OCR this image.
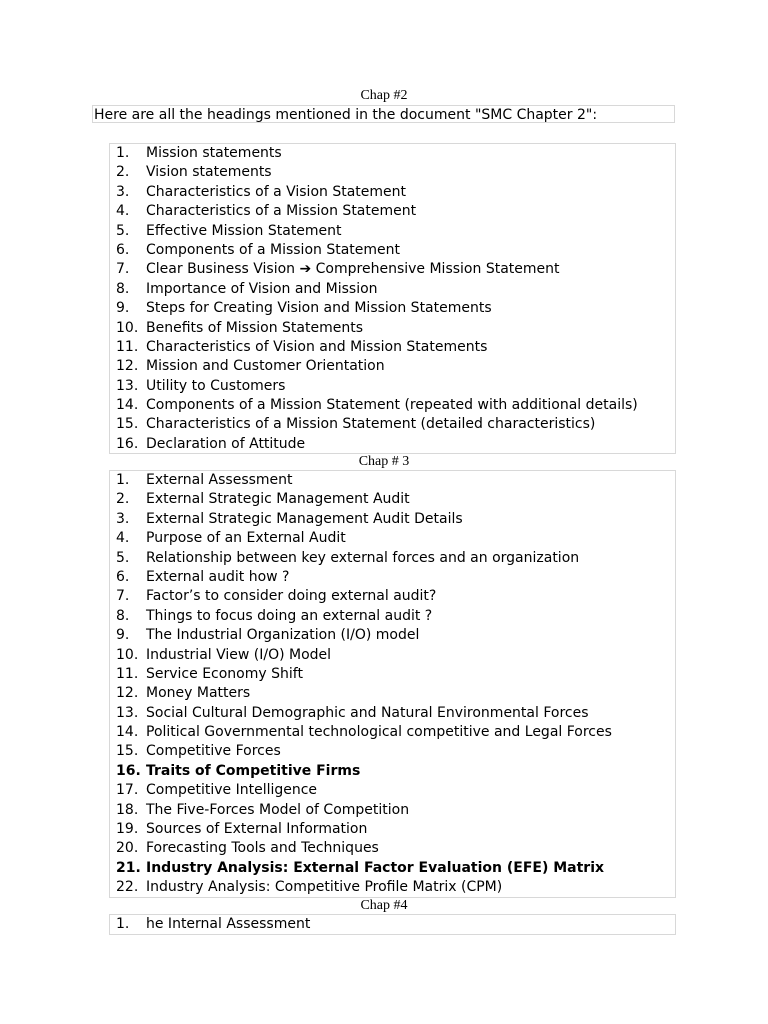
Chap #2
Here are all the headings mentioned in the document "SMC Chapter 2":
1.	Mission statements
2.	Vision statements
3.	Characteristics of a Vision Statement
4.	Characteristics of a Mission Statement
5.	Effective Mission Statement
6.	Components of a Mission Statement
7.	Clear Business Vision ➔ Comprehensive Mission Statement
8.	Importance of Vision and Mission
9.	Steps for Creating Vision and Mission Statements
10. Benefits of Mission Statements
11. Characteristics of Vision and Mission Statements
12. Mission and Customer Orientation
13. Utility to Customers
14. Components of a Mission Statement (repeated with additional details)
15. Characteristics of a Mission Statement (detailed characteristics)
16. Declaration of Attitude
Chap # 3
1.	External Assessment
2.	External Strategic Management Audit
3.	External Strategic Management Audit Details
4.	Purpose of an External Audit
5.	Relationship between key external forces and an organization
6.	External audit how ?
7.	Factor’s to consider doing external audit?
8.	Things to focus doing an external audit ?
9.	The Industrial Organization (I/O) model
10. Industrial View (I/O) Model
11. Service Economy Shift
12. Money Matters
13. Social Cultural Demographic and Natural Environmental Forces
14. Political Governmental technological competitive and Legal Forces
15. Competitive Forces
16. Traits of Competitive Firms
17. Competitive Intelligence
18. The Five-Forces Model of Competition
19. Sources of External Information
20. Forecasting Tools and Techniques
21. Industry Analysis: External Factor Evaluation (EFE) Matrix
22. Industry Analysis: Competitive Profile Matrix (CPM)
Chap #4
1.	he Internal Assessment
